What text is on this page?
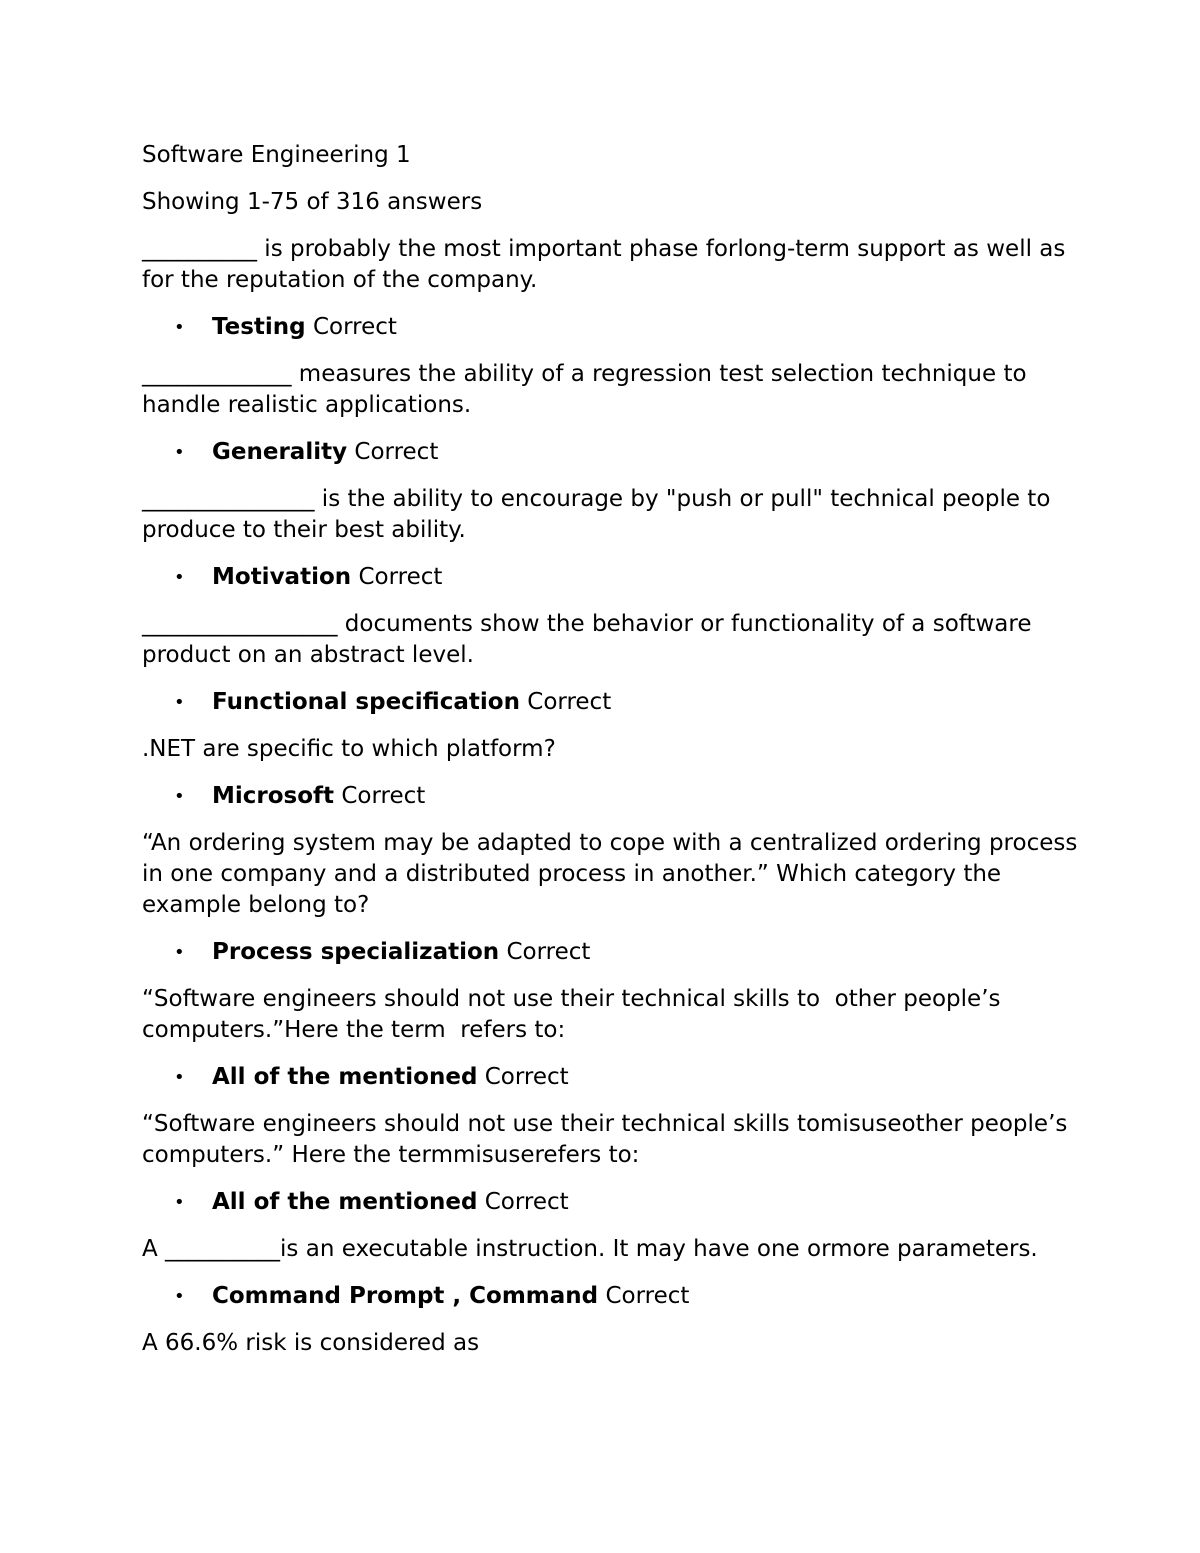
Software Engineering 1

Showing 1-75 of 316 answers

__________ is probably the most important phase forlong-term support as well as for the reputation of the company.

• Testing Correct

_____________ measures the ability of a regression test selection technique to handle realistic applications.

• Generality Correct

_______________ is the ability to encourage by "push or pull" technical people to produce to their best ability.

• Motivation Correct

_________________ documents show the behavior or functionality of a software product on an abstract level.

• Functional specification Correct

.NET are specific to which platform?

• Microsoft Correct

“An ordering system may be adapted to cope with a centralized ordering process in one company and a distributed process in another.” Which category the example belong to?

• Process specialization Correct

“Software engineers should not use their technical skills to  other people’s computers.”Here the term  refers to:

• All of the mentioned Correct

“Software engineers should not use their technical skills tomisuseother people’s computers.” Here the termmisuserefers to:

• All of the mentioned Correct

A __________is an executable instruction. It may have one ormore parameters.

• Command Prompt , Command Correct

A 66.6% risk is considered as
